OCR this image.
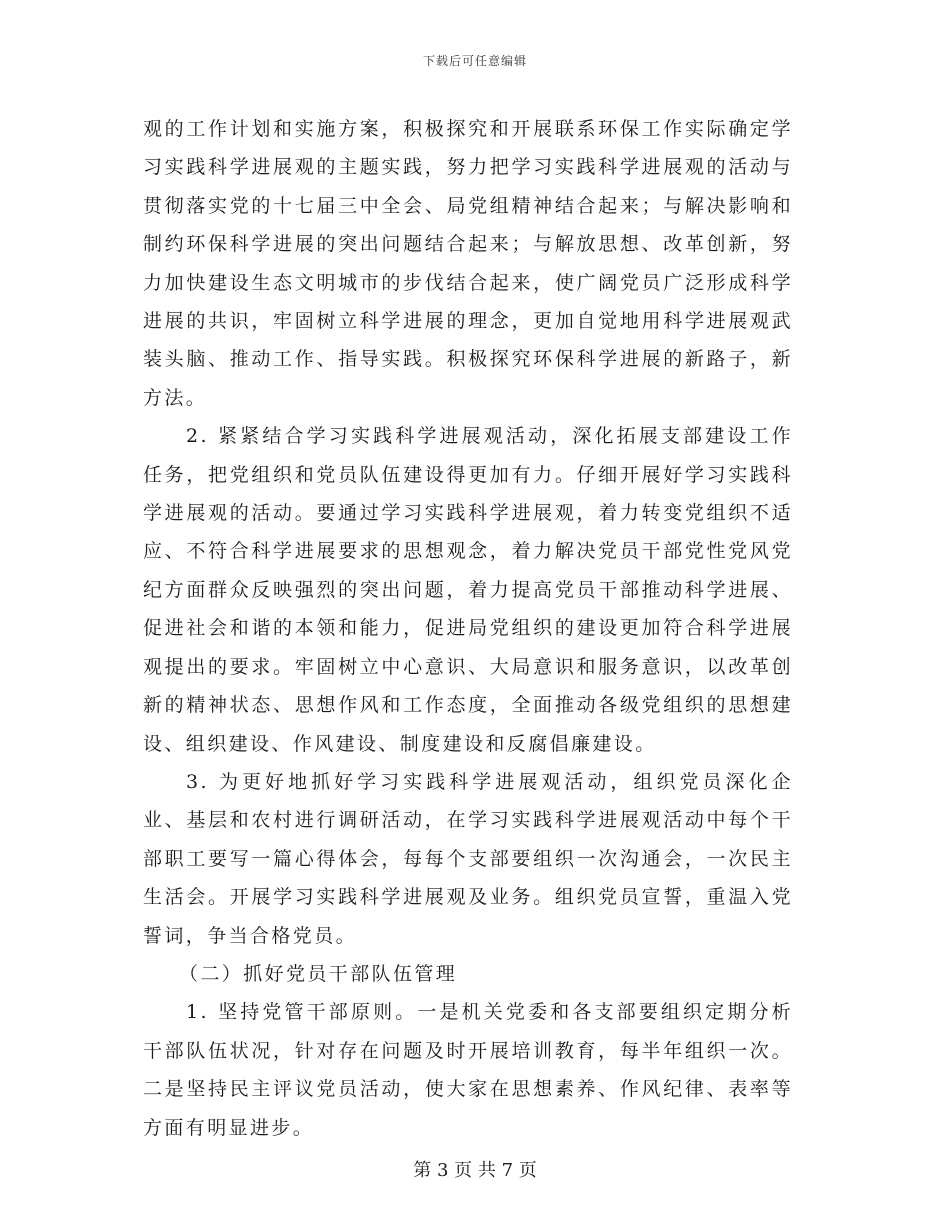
下载后可任意编辑

观的工作计划和实施方案，积极探究和开展联系环保工作实际确定学习实践科学进展观的主题实践，努力把学习实践科学进展观的活动与贯彻落实党的十七届三中全会、局党组精神结合起来；与解决影响和制约环保科学进展的突出问题结合起来；与解放思想、改革创新，努力加快建设生态文明城市的步伐结合起来，使广阔党员广泛形成科学进展的共识，牢固树立科学进展的理念，更加自觉地用科学进展观武装头脑、推动工作、指导实践。积极探究环保科学进展的新路子，新方法。

2. 紧紧结合学习实践科学进展观活动，深化拓展支部建设工作任务，把党组织和党员队伍建设得更加有力。仔细开展好学习实践科学进展观的活动。要通过学习实践科学进展观，着力转变党组织不适应、不符合科学进展要求的思想观念，着力解决党员干部党性党风党纪方面群众反映强烈的突出问题，着力提高党员干部推动科学进展、促进社会和谐的本领和能力，促进局党组织的建设更加符合科学进展观提出的要求。牢固树立中心意识、大局意识和服务意识，以改革创新的精神状态、思想作风和工作态度，全面推动各级党组织的思想建设、组织建设、作风建设、制度建设和反腐倡廉建设。

3. 为更好地抓好学习实践科学进展观活动，组织党员深化企业、基层和农村进行调研活动，在学习实践科学进展观活动中每个干部职工要写一篇心得体会，每每个支部要组织一次沟通会，一次民主生活会。开展学习实践科学进展观及业务。组织党员宣誓，重温入党誓词，争当合格党员。

（二）抓好党员干部队伍管理

1. 坚持党管干部原则。一是机关党委和各支部要组织定期分析干部队伍状况，针对存在问题及时开展培训教育，每半年组织一次。二是坚持民主评议党员活动，使大家在思想素养、作风纪律、表率等方面有明显进步。

第 3 页 共 7 页
